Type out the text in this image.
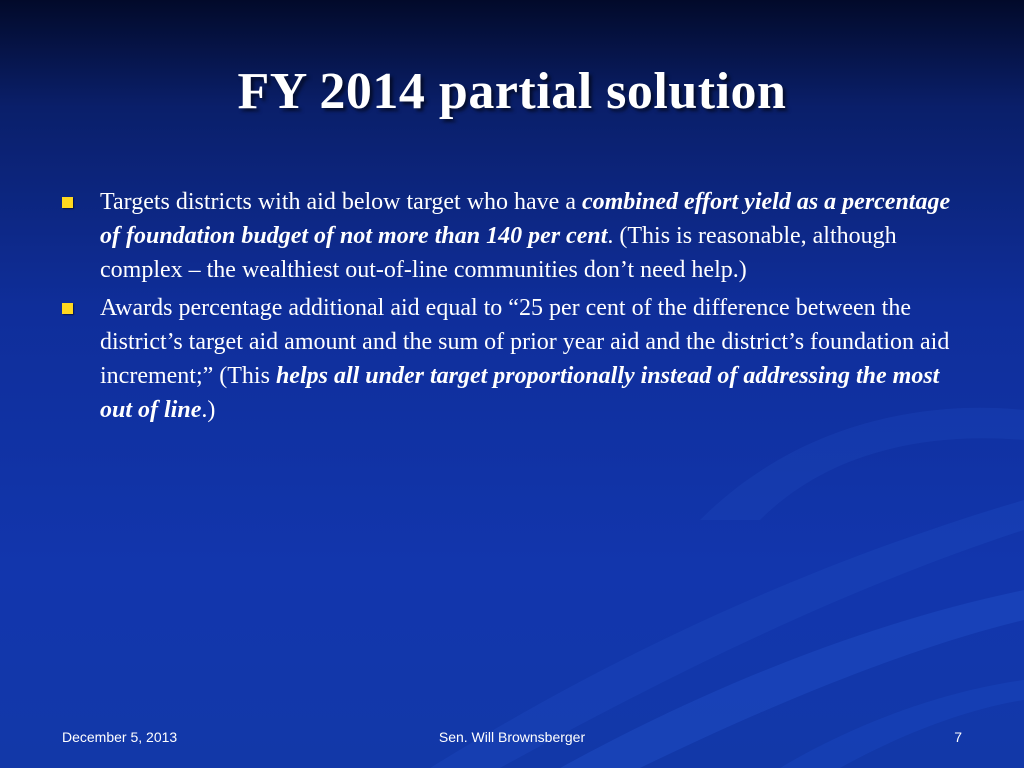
FY 2014 partial solution
Targets districts with aid below target who have a combined effort yield as a percentage of foundation budget of not more than 140 per cent. (This is reasonable, although complex – the wealthiest out-of-line communities don’t need help.)
Awards percentage additional aid equal to “25 per cent of the difference between the district’s target aid amount and the sum of prior year aid and the district’s foundation aid increment;” (This helps all under target proportionally instead of addressing the most out of line.)
December 5, 2013	Sen. Will Brownsberger	7
